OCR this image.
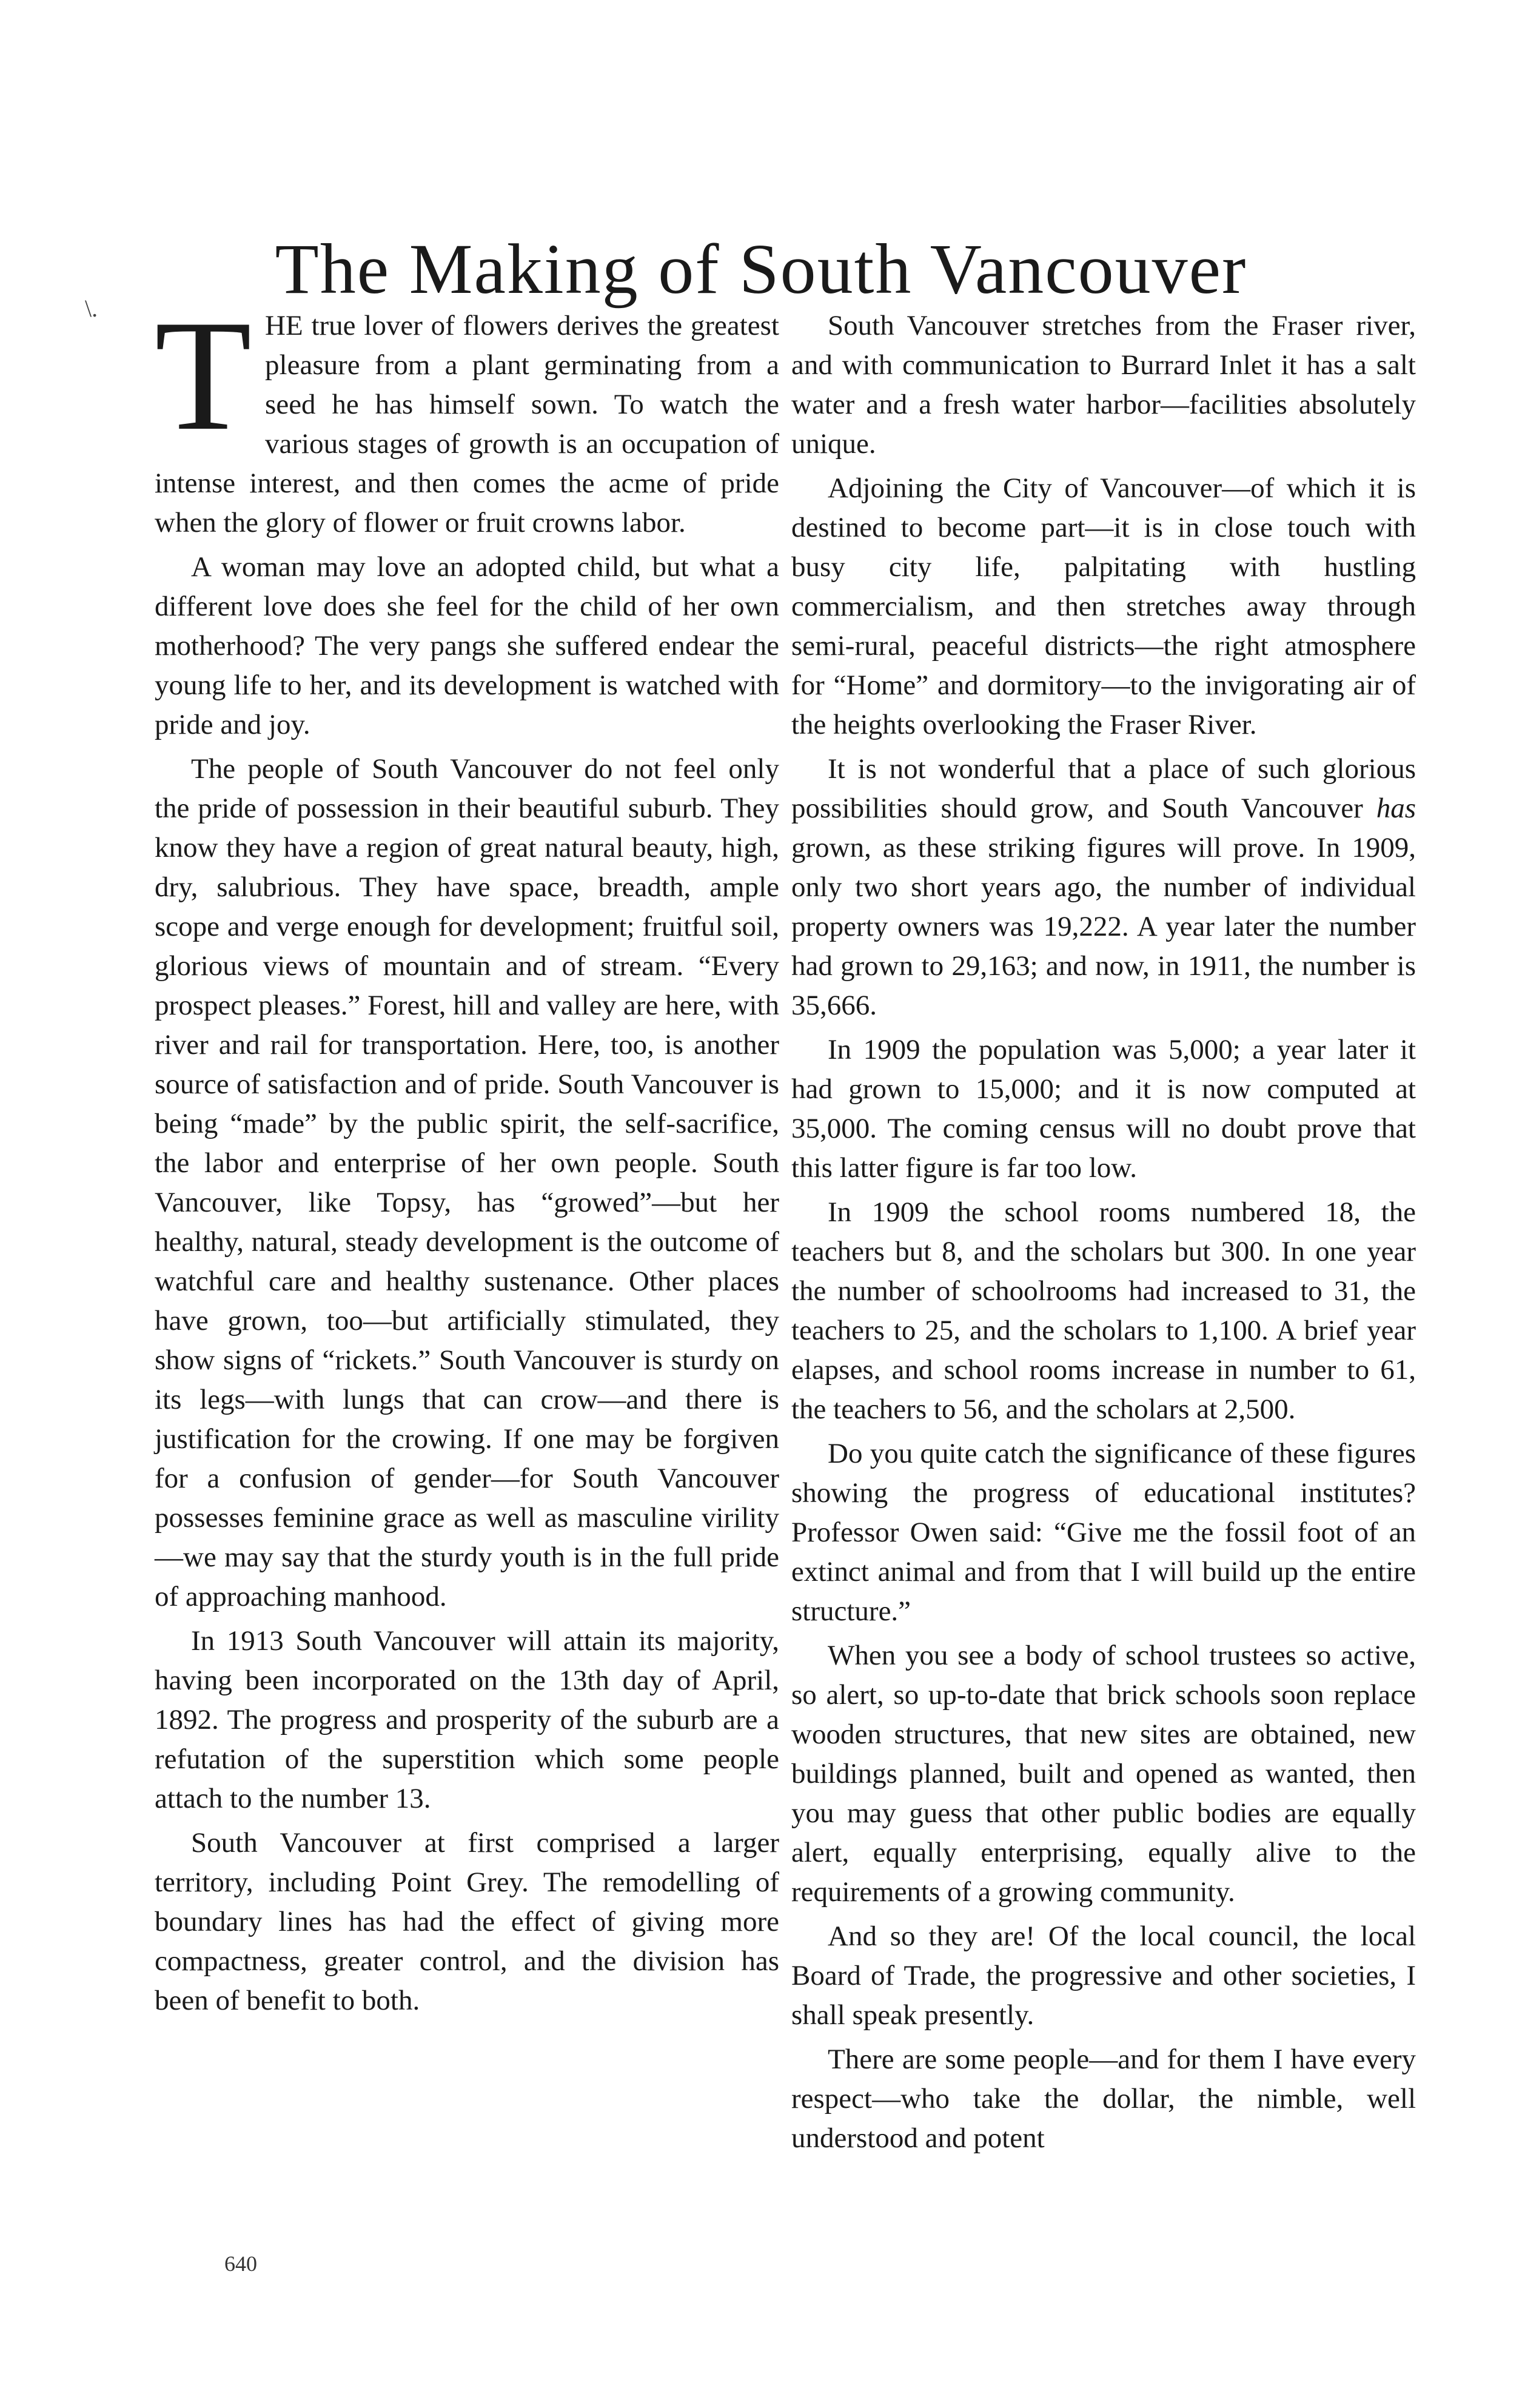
The Making of South Vancouver
\. THE true lover of flowers derives the greatest pleasure from a plant germinating from a seed he has himself sown. To watch the various stages of growth is an occupation of intense interest, and then comes the acme of pride when the glory of flower or fruit crowns labor.

A woman may love an adopted child, but what a different love does she feel for the child of her own motherhood? The very pangs she suffered endear the young life to her, and its development is watched with pride and joy.

The people of South Vancouver do not feel only the pride of possession in their beautiful suburb. They know they have a region of great natural beauty, high, dry, salubrious. They have space, breadth, ample scope and verge enough for development; fruitful soil, glorious views of mountain and of stream. “Every prospect pleases.” Forest, hill and valley are here, with river and rail for transportation. Here, too, is another source of satisfaction and of pride. South Vancouver is being “made” by the public spirit, the self-sacrifice, the labor and enterprise of her own people. South Vancouver, like Topsy, has “growed”—but her healthy, natural, steady development is the outcome of watchful care and healthy sustenance. Other places have grown, too—but artificially stimulated, they show signs of “rickets.” South Vancouver is sturdy on its legs—with lungs that can crow—and there is justification for the crowing. If one may be forgiven for a confusion of gender—for South Vancouver possesses feminine grace as well as masculine virility—we may say that the sturdy youth is in the full pride of approaching manhood.

In 1913 South Vancouver will attain its majority, having been incorporated on the 13th day of April, 1892. The progress and prosperity of the suburb are a refutation of the superstition which some people attach to the number 13.

South Vancouver at first comprised a larger territory, including Point Grey. The remodelling of boundary lines has had the effect of giving more compactness, greater control, and the division has been of benefit to both.

South Vancouver stretches from the Fraser river, and with communication to Burrard Inlet it has a salt water and a fresh water harbor—facilities absolutely unique.

Adjoining the City of Vancouver—of which it is destined to become part—it is in close touch with busy city life, palpitating with hustling commercialism, and then stretches away through semi-rural, peaceful districts—the right atmosphere for “Home” and dormitory—to the invigorating air of the heights overlooking the Fraser River.

It is not wonderful that a place of such glorious possibilities should grow, and South Vancouver has grown, as these striking figures will prove. In 1909, only two short years ago, the number of individual property owners was 19,222. A year later the number had grown to 29,163; and now, in 1911, the number is 35,666.

In 1909 the population was 5,000; a year later it had grown to 15,000; and it is now computed at 35,000. The coming census will no doubt prove that this latter figure is far too low.

In 1909 the school rooms numbered 18, the teachers but 8, and the scholars but 300. In one year the number of schoolrooms had increased to 31, the teachers to 25, and the scholars to 1,100. A brief year elapses, and school rooms increase in number to 61, the teachers to 56, and the scholars at 2,500.

Do you quite catch the significance of these figures showing the progress of educational institutes? Professor Owen said: “Give me the fossil foot of an extinct animal and from that I will build up the entire structure.”

When you see a body of school trustees so active, so alert, so up-to-date that brick schools soon replace wooden structures, that new sites are obtained, new buildings planned, built and opened as wanted, then you may guess that other public bodies are equally alert, equally enterprising, equally alive to the requirements of a growing community.

And so they are! Of the local council, the local Board of Trade, the progressive and other societies, I shall speak presently.

There are some people—and for them I have every respect—who take the dollar, the nimble, well understood and potent

640
